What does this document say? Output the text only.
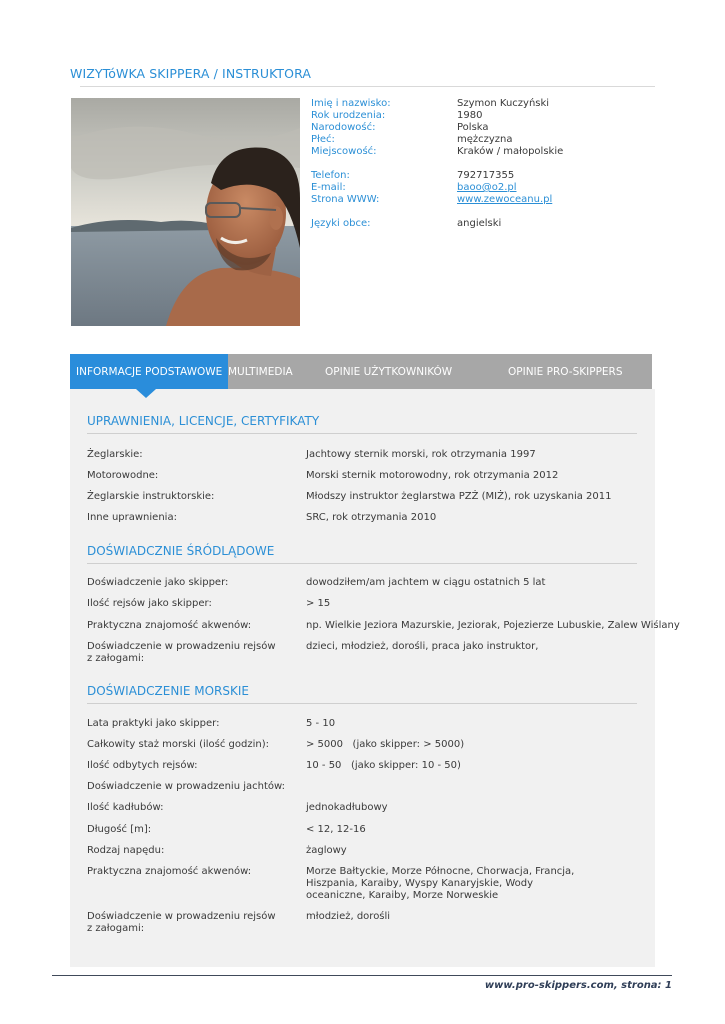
WIZYTóWKA SKIPPERA / INSTRUKTORA
Imię i nazwisko:	Szymon Kuczyński
Rok urodzenia:	1980
Narodowość:	Polska
Płeć:	mężczyzna
Miejscowość:	Kraków / małopolskie
Telefon:	792717355
E-mail:	baoo@o2.pl
Strona WWW:	www.zewoceanu.pl
Języki obce:	angielski
INFORMACJE PODSTAWOWE MULTIMEDIA	OPINIE UŻYTKOWNIKÓW	OPINIE PRO-SKIPPERS
UPRAWNIENIA, LICENCJE, CERTYFIKATY
Żeglarskie:	Jachtowy sternik morski, rok otrzymania 1997
Motorowodne:	Morski sternik motorowodny, rok otrzymania 2012
Żeglarskie instruktorskie:	Młodszy instruktor żeglarstwa PZŻ (MIŻ), rok uzyskania 2011
Inne uprawnienia:	SRC, rok otrzymania 2010
DOŚWIADCZNIE ŚRÓDLĄDOWE
Doświadczenie jako skipper:	dowodziłem/am jachtem w ciągu ostatnich 5 lat
Ilość rejsów jako skipper:	> 15
Praktyczna znajomość akwenów:	np. Wielkie Jeziora Mazurskie, Jeziorak, Pojezierze Lubuskie, Zalew Wiślany
Doświadczenie w prowadzeniu rejsów z załogami:
dzieci, młodzież, dorośli, praca jako instruktor,
DOŚWIADCZENIE MORSKIE
Lata praktyki jako skipper:	5 - 10
Całkowity staż morski (ilość godzin):	> 5000   (jako skipper: > 5000)
Ilość odbytych rejsów:	10 - 50   (jako skipper: 10 - 50)
Doświadczenie w prowadzeniu jachtów:
Ilość kadłubów:	jednokadłubowy
Długość [m]:	< 12, 12-16
Rodzaj napędu:	żaglowy
Praktyczna znajomość akwenów:	Morze Bałtyckie, Morze Północne, Chorwacja, Francja, Hiszpania, Karaiby, Wyspy Kanaryjskie, Wody oceaniczne, Karaiby, Morze Norweskie
Doświadczenie w prowadzeniu rejsów z załogami:
młodzież, dorośli
www.pro-skippers.com, strona: 1
